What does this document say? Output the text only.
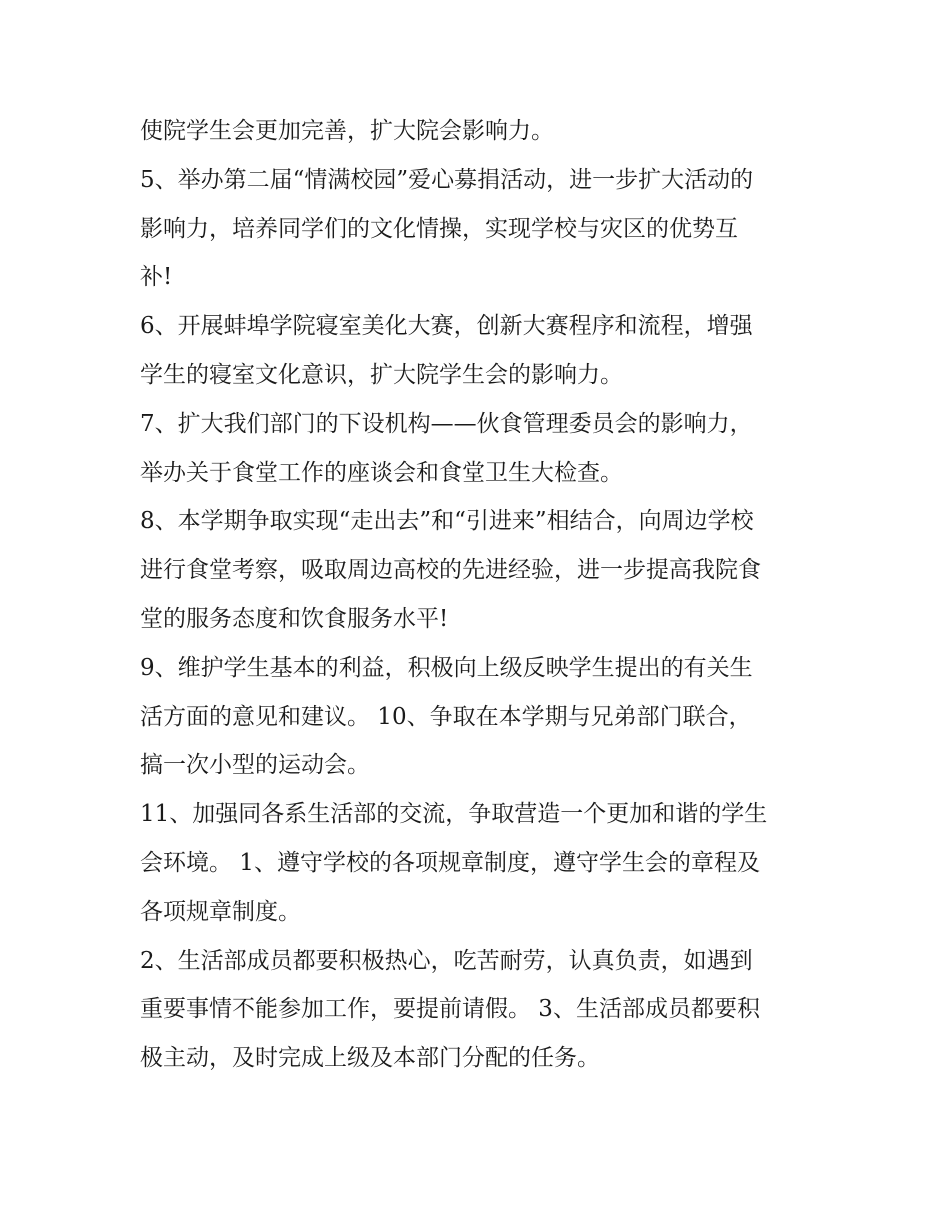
使院学生会更加完善，扩大院会影响力。

5、举办第二届“情满校园”爱心募捐活动，进一步扩大活动的
影响力，培养同学们的文化情操，实现学校与灾区的优势互
补!

6、开展蚌埠学院寝室美化大赛，创新大赛程序和流程，增强
学生的寝室文化意识，扩大院学生会的影响力。

7、扩大我们部门的下设机构——伙食管理委员会的影响力，
举办关于食堂工作的座谈会和食堂卫生大检查。

8、本学期争取实现“走出去”和“引进来”相结合，向周边学校
进行食堂考察，吸取周边高校的先进经验，进一步提高我院食
堂的服务态度和饮食服务水平!

9、维护学生基本的利益，积极向上级反映学生提出的有关生
活方面的意见和建议。 10、争取在本学期与兄弟部门联合，
搞一次小型的运动会。

11、加强同各系生活部的交流，争取营造一个更加和谐的学生
会环境。 1、遵守学校的各项规章制度，遵守学生会的章程及
各项规章制度。

2、生活部成员都要积极热心，吃苦耐劳，认真负责，如遇到
重要事情不能参加工作，要提前请假。 3、生活部成员都要积
极主动，及时完成上级及本部门分配的任务。
